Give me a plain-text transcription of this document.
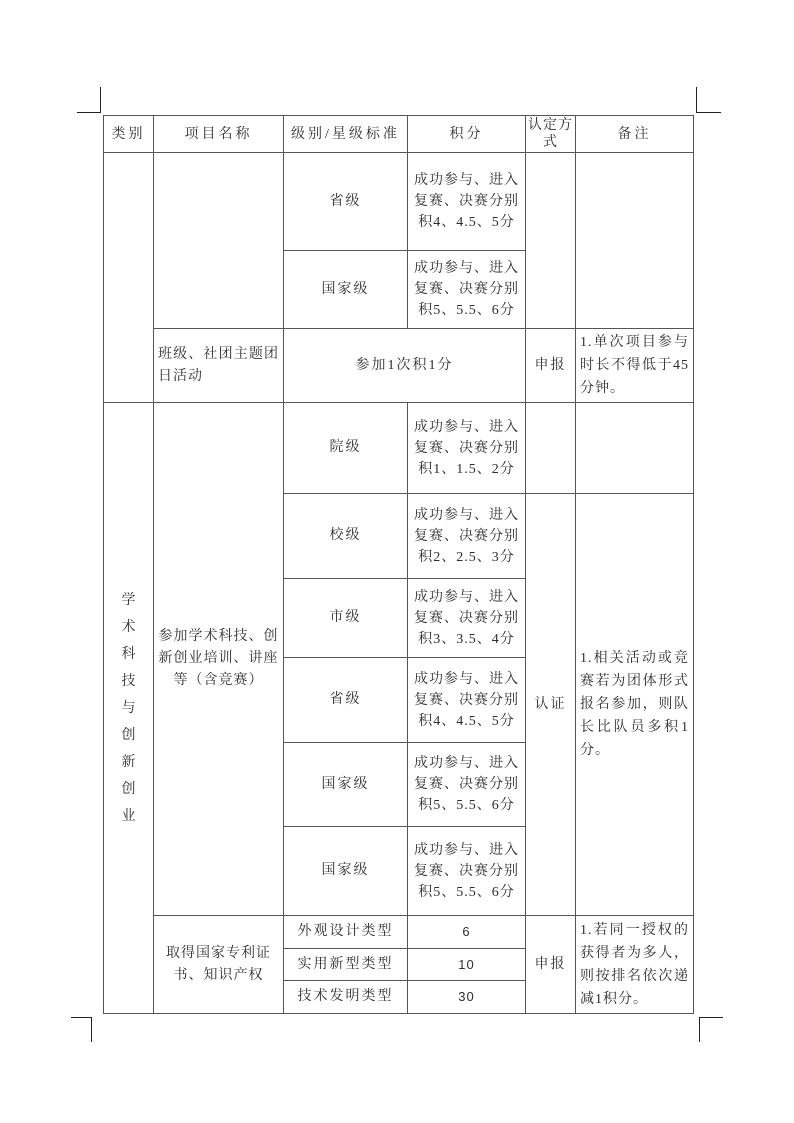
类别	项目名称	级别/星级标准	积分	认定方式	备注
		省级	成功参与、进入复赛、决赛分别积4、4.5、5分		
		国家级	成功参与、进入复赛、决赛分别积5、5.5、6分		
	班级、社团主题团日活动	参加1次积1分		申报	1.单次项目参与时长不得低于45分钟。
学术科技与创新创业	参加学术科技、创新创业培训、讲座等（含竞赛）	院级	成功参与、进入复赛、决赛分别积1、1.5、2分		
		校级	成功参与、进入复赛、决赛分别积2、2.5、3分	认证	1.相关活动或竞赛若为团体形式报名参加，则队长比队员多积1分。
		市级	成功参与、进入复赛、决赛分别积3、3.5、4分		
		省级	成功参与、进入复赛、决赛分别积4、4.5、5分		
		国家级	成功参与、进入复赛、决赛分别积5、5.5、6分		
		国家级	成功参与、进入复赛、决赛分别积5、5.5、6分		
	取得国家专利证书、知识产权	外观设计类型	6	申报	1.若同一授权的获得者为多人，则按排名依次递减1积分。
		实用新型类型	10		
		技术发明类型	30		
